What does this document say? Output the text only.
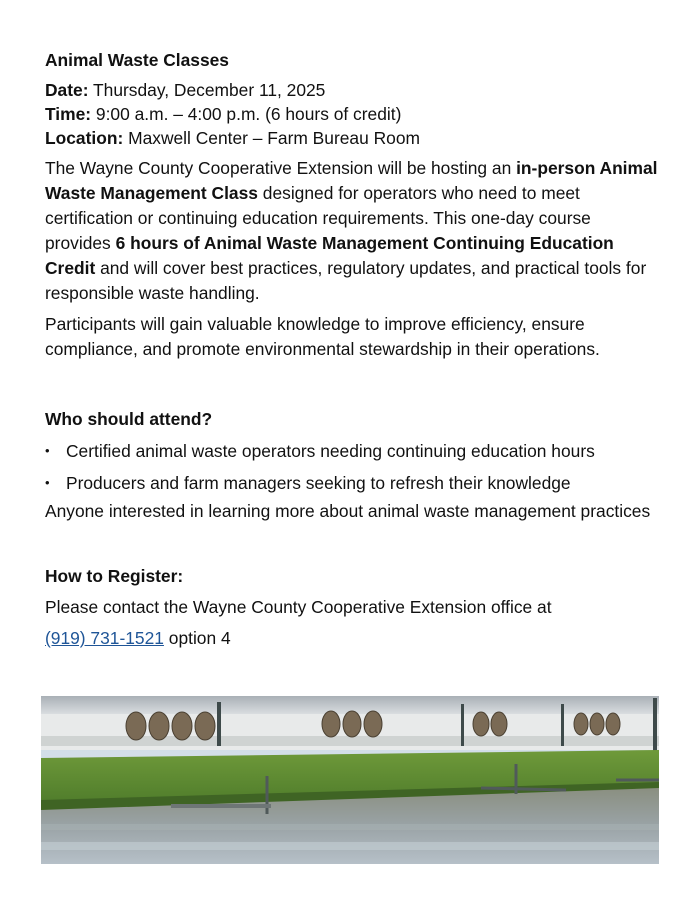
Animal Waste Classes
Date: Thursday, December 11, 2025
Time: 9:00 a.m. – 4:00 p.m. (6 hours of credit)
Location: Maxwell Center – Farm Bureau Room
The Wayne County Cooperative Extension will be hosting an in-person Animal Waste Management Class designed for operators who need to meet certification or continuing education requirements. This one-day course provides 6 hours of Animal Waste Management Continuing Education Credit and will cover best practices, regulatory updates, and practical tools for responsible waste handling.
Participants will gain valuable knowledge to improve efficiency, ensure compliance, and promote environmental stewardship in their operations.
Who should attend?
• Certified animal waste operators needing continuing education hours
• Producers and farm managers seeking to refresh their knowledge
Anyone interested in learning more about animal waste management practices
How to Register:
Please contact the Wayne County Cooperative Extension office at
(919) 731-1521 option 4
